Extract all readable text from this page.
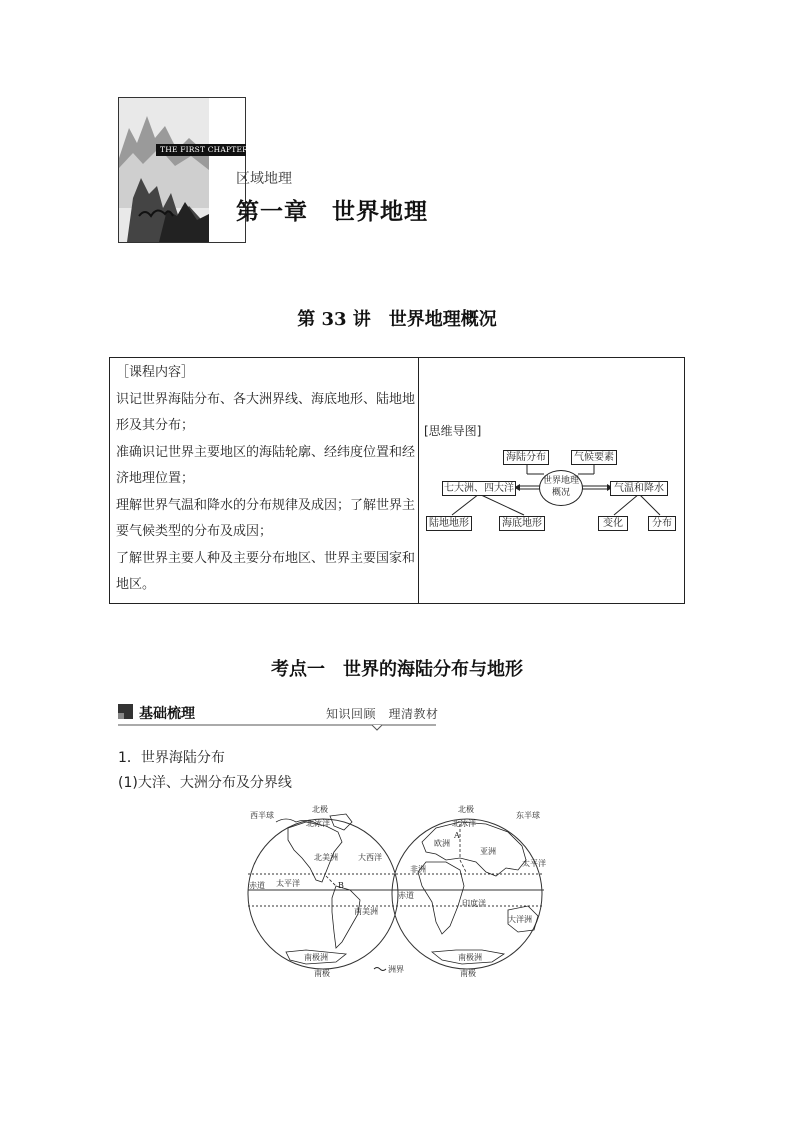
THE FIRST CHAPTER
区域地理
第一章　世界地理
第 33 讲　世界地理概况

［课程内容］

识记世界海陆分布、各大洲界线、海底地形、陆地地形及其分布；

准确识记世界主要地区的海陆轮廓、经纬度位置和经济地理位置；

理解世界气温和降水的分布规律及成因；了解世界主要气候类型的分布及成因；

了解世界主要人种及主要分布地区、世界主要国家和地区。

[思维导图]
海陆分布	气候要素
七大洲、四大洋
世界地理概况	气温和降水
陆地地形	海底地形	变化	分布
考点一　世界的海陆分布与地形
基础梳理	知识回顾　理清教材
1．世界海陆分布
(1)大洋、大洲分布及分界线
西半球
北极
北冰洋
北美洲	大西洋
太平洋
赤道	B
南美洲
南极洲
南极
北极
东半球
北冰洋
A
欧洲
亚洲
太平洋
非洲
赤道
印度洋
大洋洲
南极洲
南极
洲界
